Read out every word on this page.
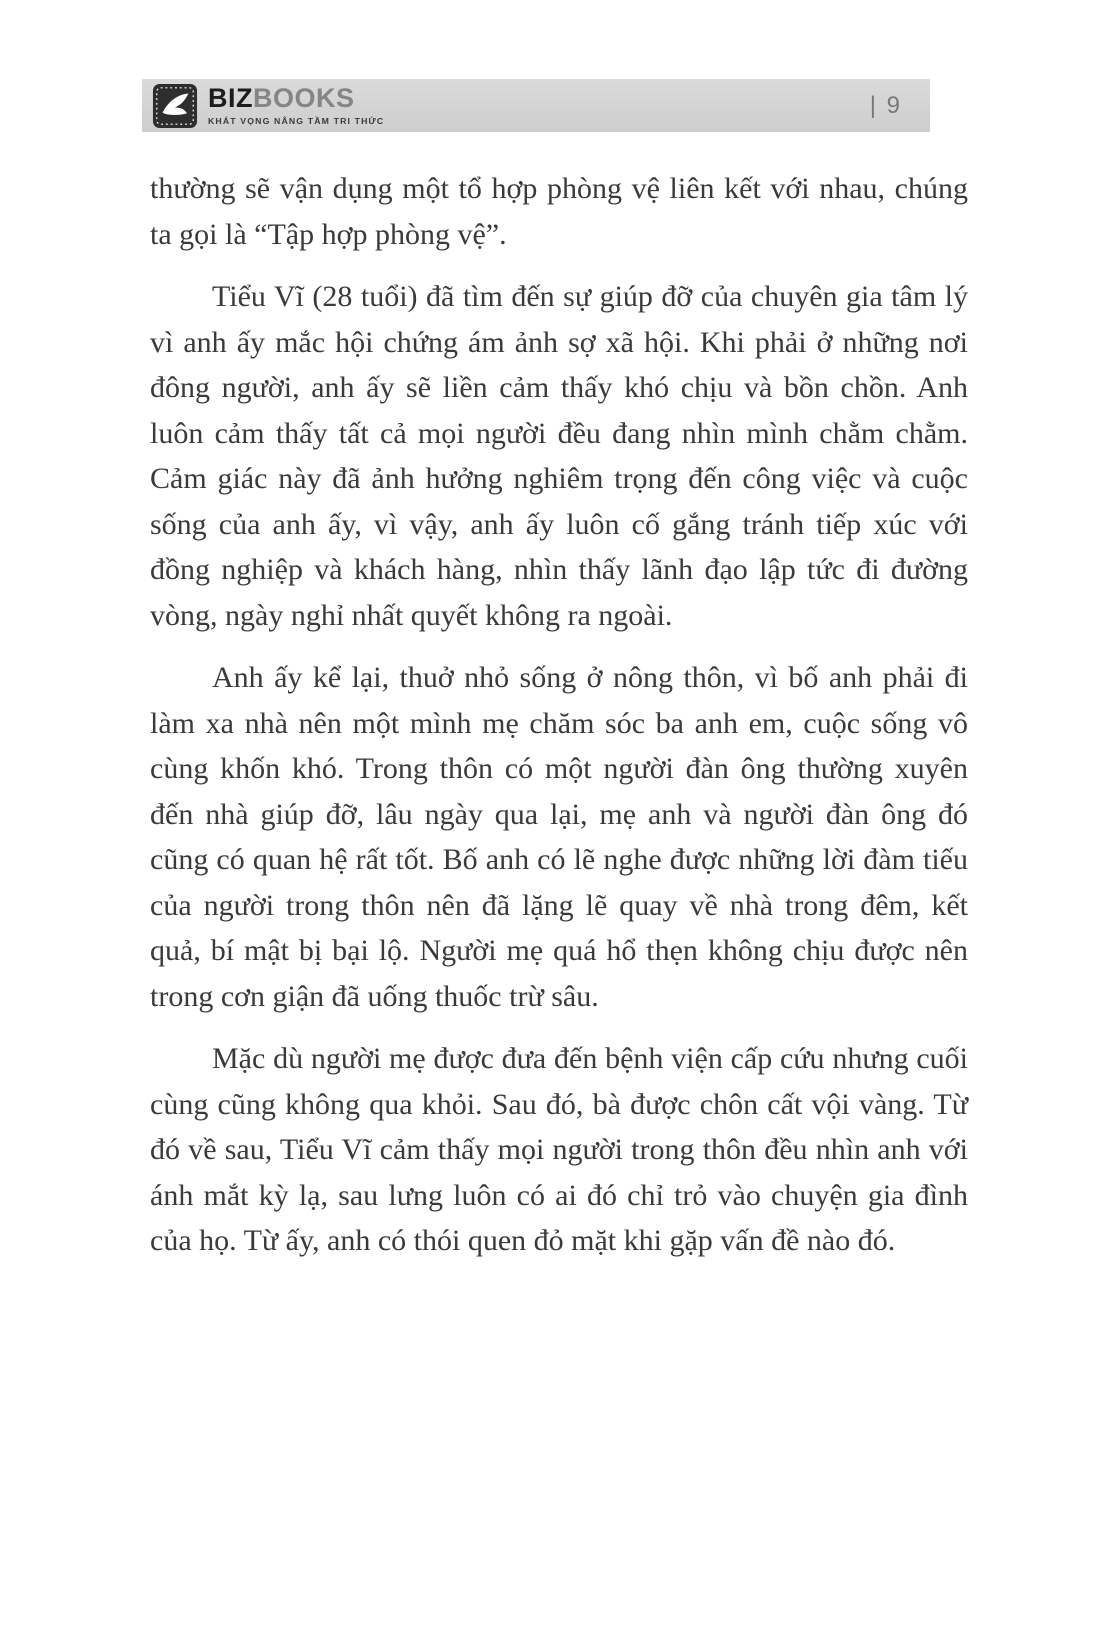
BIZBOOKS
KHÁT VỌNG NÂNG TẦM TRI THỨC
| 9

thường sẽ vận dụng một tổ hợp phòng vệ liên kết với nhau, chúng ta gọi là “Tập hợp phòng vệ”.

Tiểu Vĩ (28 tuổi) đã tìm đến sự giúp đỡ của chuyên gia tâm lý vì anh ấy mắc hội chứng ám ảnh sợ xã hội. Khi phải ở những nơi đông người, anh ấy sẽ liền cảm thấy khó chịu và bồn chồn. Anh luôn cảm thấy tất cả mọi người đều đang nhìn mình chằm chằm. Cảm giác này đã ảnh hưởng nghiêm trọng đến công việc và cuộc sống của anh ấy, vì vậy, anh ấy luôn cố gắng tránh tiếp xúc với đồng nghiệp và khách hàng, nhìn thấy lãnh đạo lập tức đi đường vòng, ngày nghỉ nhất quyết không ra ngoài.

Anh ấy kể lại, thuở nhỏ sống ở nông thôn, vì bố anh phải đi làm xa nhà nên một mình mẹ chăm sóc ba anh em, cuộc sống vô cùng khốn khó. Trong thôn có một người đàn ông thường xuyên đến nhà giúp đỡ, lâu ngày qua lại, mẹ anh và người đàn ông đó cũng có quan hệ rất tốt. Bố anh có lẽ nghe được những lời đàm tiếu của người trong thôn nên đã lặng lẽ quay về nhà trong đêm, kết quả, bí mật bị bại lộ. Người mẹ quá hổ thẹn không chịu được nên trong cơn giận đã uống thuốc trừ sâu.

Mặc dù người mẹ được đưa đến bệnh viện cấp cứu nhưng cuối cùng cũng không qua khỏi. Sau đó, bà được chôn cất vội vàng. Từ đó về sau, Tiểu Vĩ cảm thấy mọi người trong thôn đều nhìn anh với ánh mắt kỳ lạ, sau lưng luôn có ai đó chỉ trỏ vào chuyện gia đình của họ. Từ ấy, anh có thói quen đỏ mặt khi gặp vấn đề nào đó.
